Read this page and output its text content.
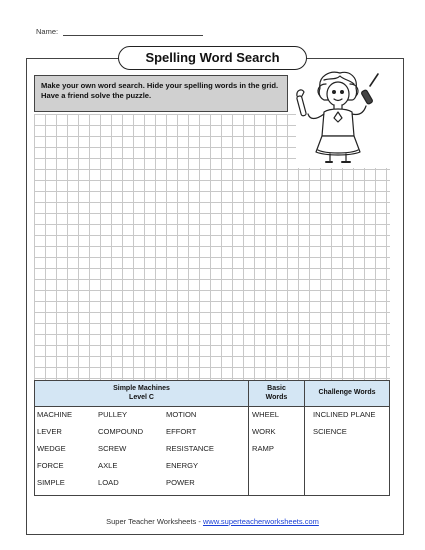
Name:
Spelling Word Search
Make your own word search. Hide your spelling words in the grid. Have a friend solve the puzzle.
Simple Machines
Level C
Basic
Words
Challenge Words
MACHINE
LEVER
WEDGE
FORCE
SIMPLE
PULLEY
COMPOUND
SCREW
AXLE
LOAD
MOTION
EFFORT
RESISTANCE
ENERGY
POWER
WHEEL
WORK
RAMP
INCLINED PLANE
SCIENCE
Super Teacher Worksheets - www.superteacherworksheets.com
